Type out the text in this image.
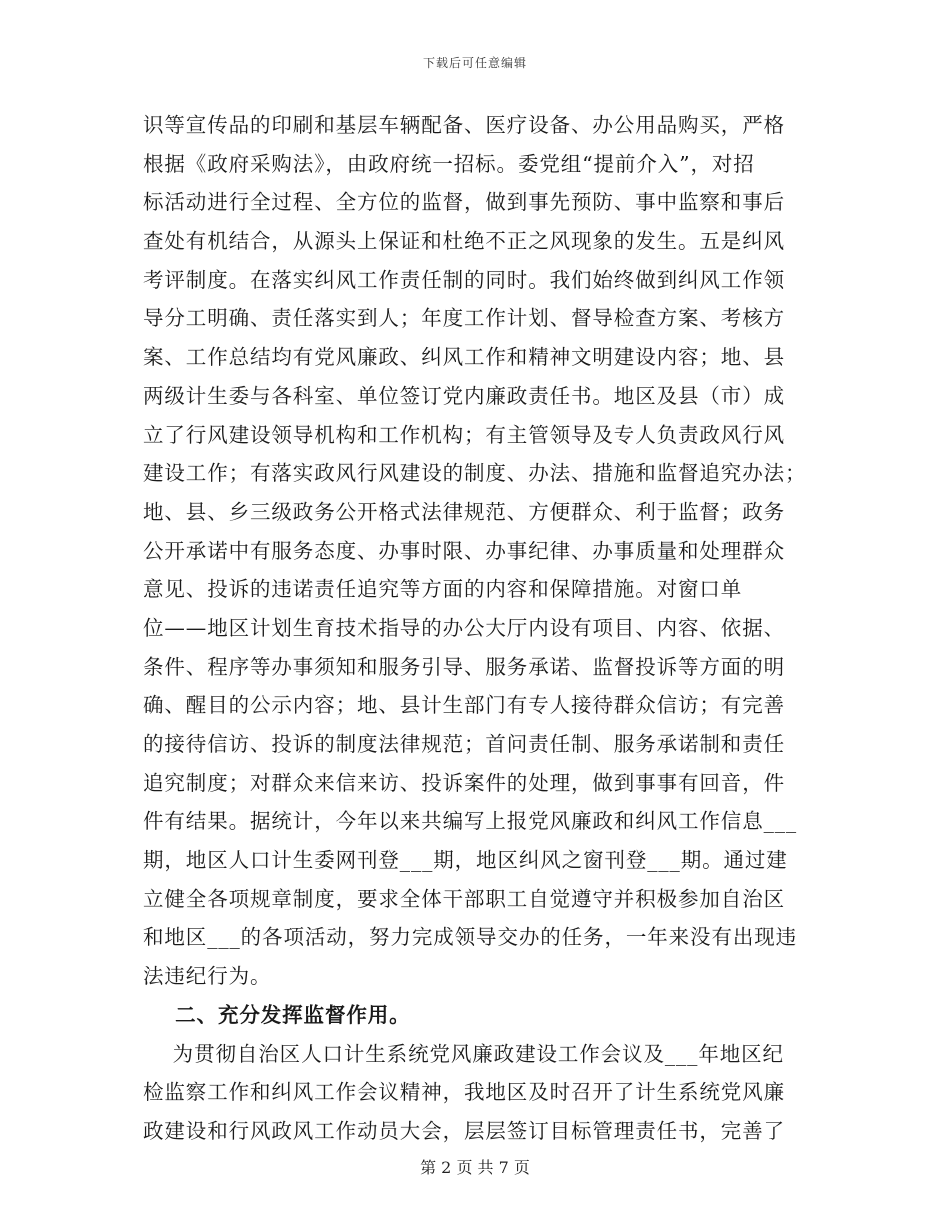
下载后可任意编辑
识等宣传品的印刷和基层车辆配备、医疗设备、办公用品购买，严格
根据《政府采购法》，由政府统一招标。委党组“提前介入”，对招
标活动进行全过程、全方位的监督，做到事先预防、事中监察和事后
查处有机结合，从源头上保证和杜绝不正之风现象的发生。五是纠风
考评制度。在落实纠风工作责任制的同时。我们始终做到纠风工作领
导分工明确、责任落实到人；年度工作计划、督导检查方案、考核方
案、工作总结均有党风廉政、纠风工作和精神文明建设内容；地、县
两级计生委与各科室、单位签订党内廉政责任书。地区及县（市）成
立了行风建设领导机构和工作机构；有主管领导及专人负责政风行风
建设工作；有落实政风行风建设的制度、办法、措施和监督追究办法；
地、县、乡三级政务公开格式法律规范、方便群众、利于监督；政务
公开承诺中有服务态度、办事时限、办事纪律、办事质量和处理群众
意见、投诉的违诺责任追究等方面的内容和保障措施。对窗口单
位——地区计划生育技术指导的办公大厅内设有项目、内容、依据、
条件、程序等办事须知和服务引导、服务承诺、监督投诉等方面的明
确、醒目的公示内容；地、县计生部门有专人接待群众信访；有完善
的接待信访、投诉的制度法律规范；首问责任制、服务承诺制和责任
追究制度；对群众来信来访、投诉案件的处理，做到事事有回音，件
件有结果。据统计，今年以来共编写上报党风廉政和纠风工作信息___
期，地区人口计生委网刊登___期，地区纠风之窗刊登___期。通过建
立健全各项规章制度，要求全体干部职工自觉遵守并积极参加自治区
和地区___的各项活动，努力完成领导交办的任务，一年来没有出现违
法违纪行为。
二、充分发挥监督作用。
为贯彻自治区人口计生系统党风廉政建设工作会议及___年地区纪
检监察工作和纠风工作会议精神，我地区及时召开了计生系统党风廉
政建设和行风政风工作动员大会，层层签订目标管理责任书，完善了
第 2 页 共 7 页
